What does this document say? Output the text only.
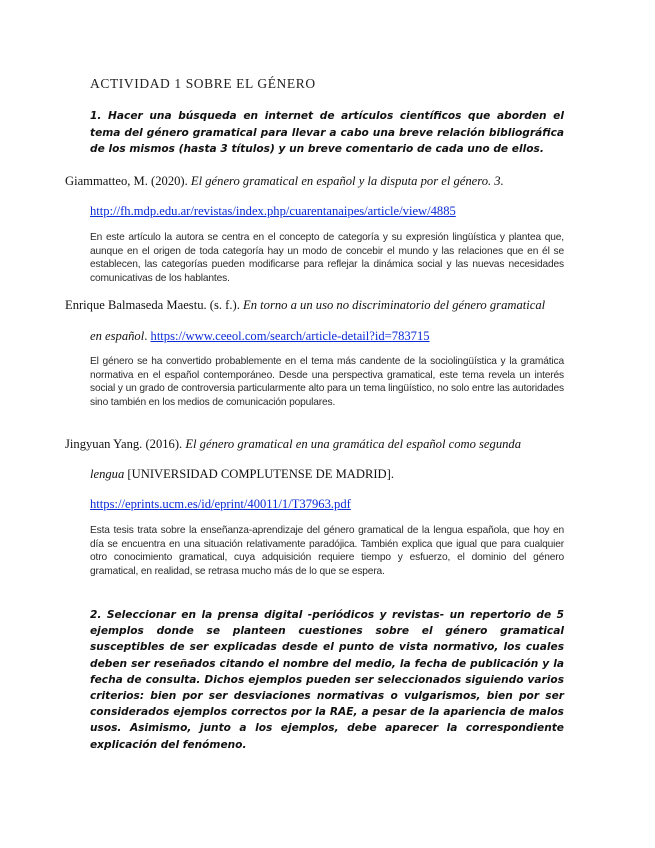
ACTIVIDAD 1 SOBRE EL GÉNERO
1. Hacer una búsqueda en internet de artículos científicos que aborden el tema del género gramatical para llevar a cabo una breve relación bibliográfica de los mismos (hasta 3 títulos) y un breve comentario de cada uno de ellos.
Giammatteo, M. (2020). El género gramatical en español y la disputa por el género. 3.
http://fh.mdp.edu.ar/revistas/index.php/cuarentanaipes/article/view/4885
En este artículo la autora se centra en el concepto de categoría y su expresión lingüística y plantea que, aunque en el origen de toda categoría hay un modo de concebir el mundo y las relaciones que en él se establecen, las categorías pueden modificarse para reflejar la dinámica social y las nuevas necesidades comunicativas de los hablantes.
Enrique Balmaseda Maestu. (s. f.). En torno a un uso no discriminatorio del género gramatical
en español. https://www.ceeol.com/search/article-detail?id=783715
El género se ha convertido probablemente en el tema más candente de la sociolingüística y la gramática normativa en el español contemporáneo. Desde una perspectiva gramatical, este tema revela un interés social y un grado de controversia particularmente alto para un tema lingüístico, no solo entre las autoridades sino también en los medios de comunicación populares.
Jingyuan Yang. (2016). El género gramatical en una gramática del español como segunda
lengua [UNIVERSIDAD COMPLUTENSE DE MADRID].
https://eprints.ucm.es/id/eprint/40011/1/T37963.pdf
Esta tesis trata sobre la enseñanza-aprendizaje del género gramatical de la lengua española, que hoy en día se encuentra en una situación relativamente paradójica. También explica que igual que para cualquier otro conocimiento gramatical, cuya adquisición requiere tiempo y esfuerzo, el dominio del género gramatical, en realidad, se retrasa mucho más de lo que se espera.
2. Seleccionar en la prensa digital -periódicos y revistas- un repertorio de 5 ejemplos donde se planteen cuestiones sobre el género gramatical susceptibles de ser explicadas desde el punto de vista normativo, los cuales deben ser reseñados citando el nombre del medio, la fecha de publicación y la fecha de consulta. Dichos ejemplos pueden ser seleccionados siguiendo varios criterios: bien por ser desviaciones normativas o vulgarismos, bien por ser considerados ejemplos correctos por la RAE, a pesar de la apariencia de malos usos. Asimismo, junto a los ejemplos, debe aparecer la correspondiente explicación del fenómeno.
